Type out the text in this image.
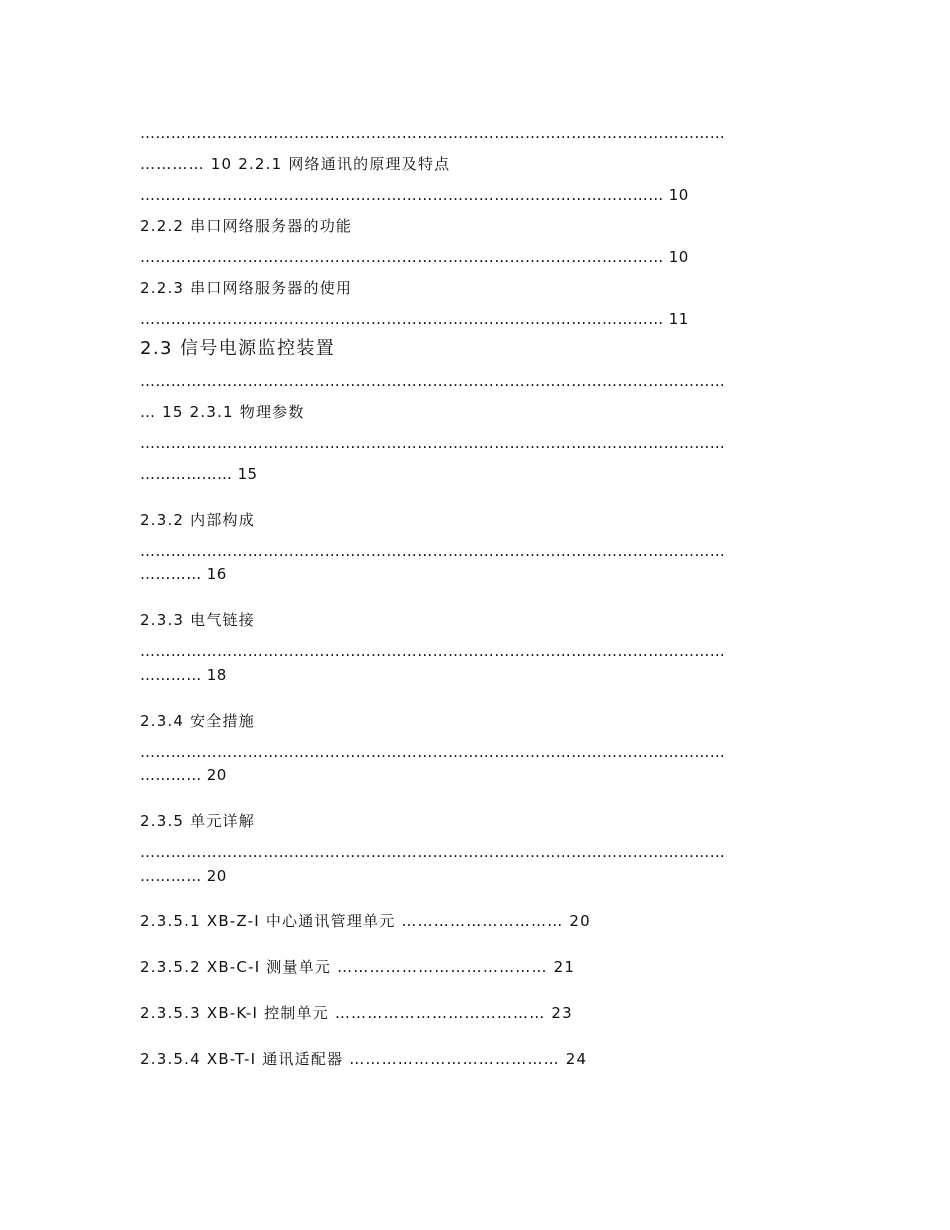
……………………………………………………………………………………………………
………… 10 2.2.1 网络通讯的原理及特点
………………………………………………………………………………………… 10
2.2.2 串口网络服务器的功能
………………………………………………………………………………………… 10
2.2.3 串口网络服务器的使用
………………………………………………………………………………………… 11
2.3 信号电源监控装置
……………………………………………………………………………………………………
… 15 2.3.1 物理参数
……………………………………………………………………………………………………
……………… 15
2.3.2 内部构成
……………………………………………………………………………………………………
………… 16
2.3.3 电气链接
……………………………………………………………………………………………………
………… 18
2.3.4 安全措施
……………………………………………………………………………………………………
………… 20
2.3.5 单元详解
……………………………………………………………………………………………………
………… 20
2.3.5.1 XB-Z-I 中心通讯管理单元 ………………………… 20
2.3.5.2 XB-C-I 测量单元 ………………………………… 21
2.3.5.3 XB-K-I 控制单元 ………………………………… 23
2.3.5.4 XB-T-I 通讯适配器 ………………………………… 24
